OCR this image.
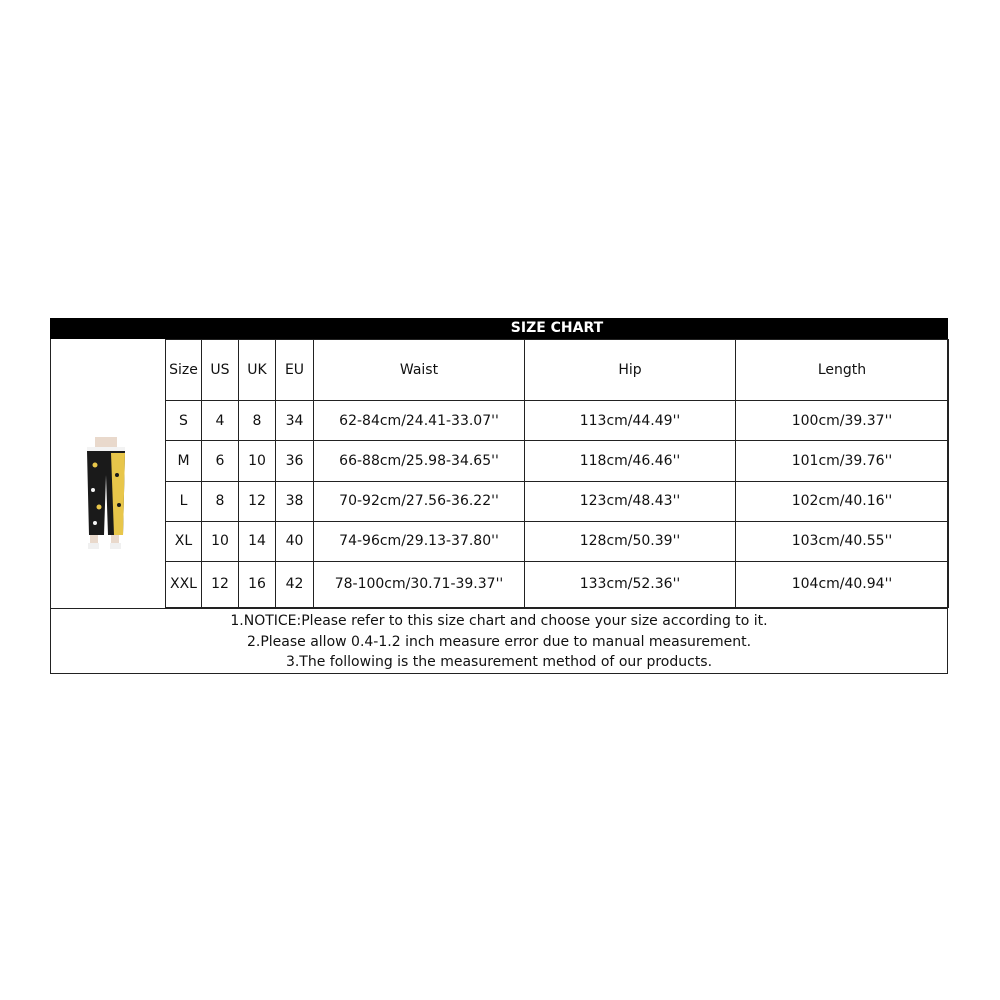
SIZE CHART
Size	US	UK	EU	Waist	Hip	Length
S	4	8	34	62-84cm/24.41-33.07''	113cm/44.49''	100cm/39.37''
M	6	10	36	66-88cm/25.98-34.65''	118cm/46.46''	101cm/39.76''
L	8	12	38	70-92cm/27.56-36.22''	123cm/48.43''	102cm/40.16''
XL	10	14	40	74-96cm/29.13-37.80''	128cm/50.39''	103cm/40.55''
XXL	12	16	42	78-100cm/30.71-39.37''	133cm/52.36''	104cm/40.94''
1.NOTICE:Please refer to this size chart and choose your size according to it.
2.Please allow 0.4-1.2 inch measure error due to manual measurement.
3.The following is the measurement method of our products.
